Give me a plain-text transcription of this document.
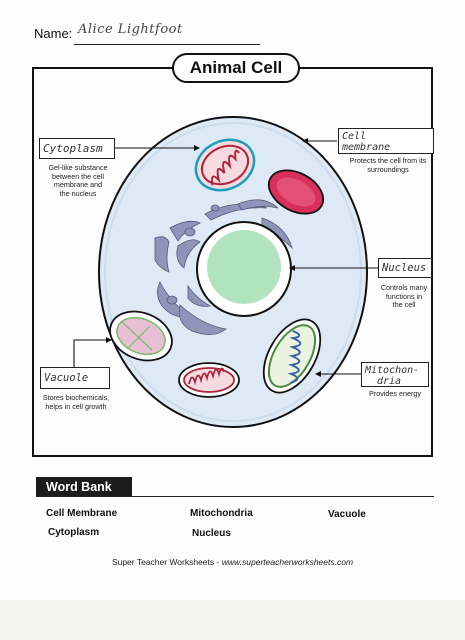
Name: Alice Lightfoot
Animal Cell
Cytoplasm
Gel-like substance
between the cell
membrane and
the nucleus
Cell
membrane
Protects the cell from its
surroundings
Nucleus
Controls many
functions in
the cell
Vacuole
Stores biochemicals,
helps in cell growth
Mitochon-
dria
Provides energy
Word Bank
Cell Membrane	Mitochondria	Vacuole
Cytoplasm	Nucleus
Super Teacher Worksheets - www.superteacherworksheets.com
